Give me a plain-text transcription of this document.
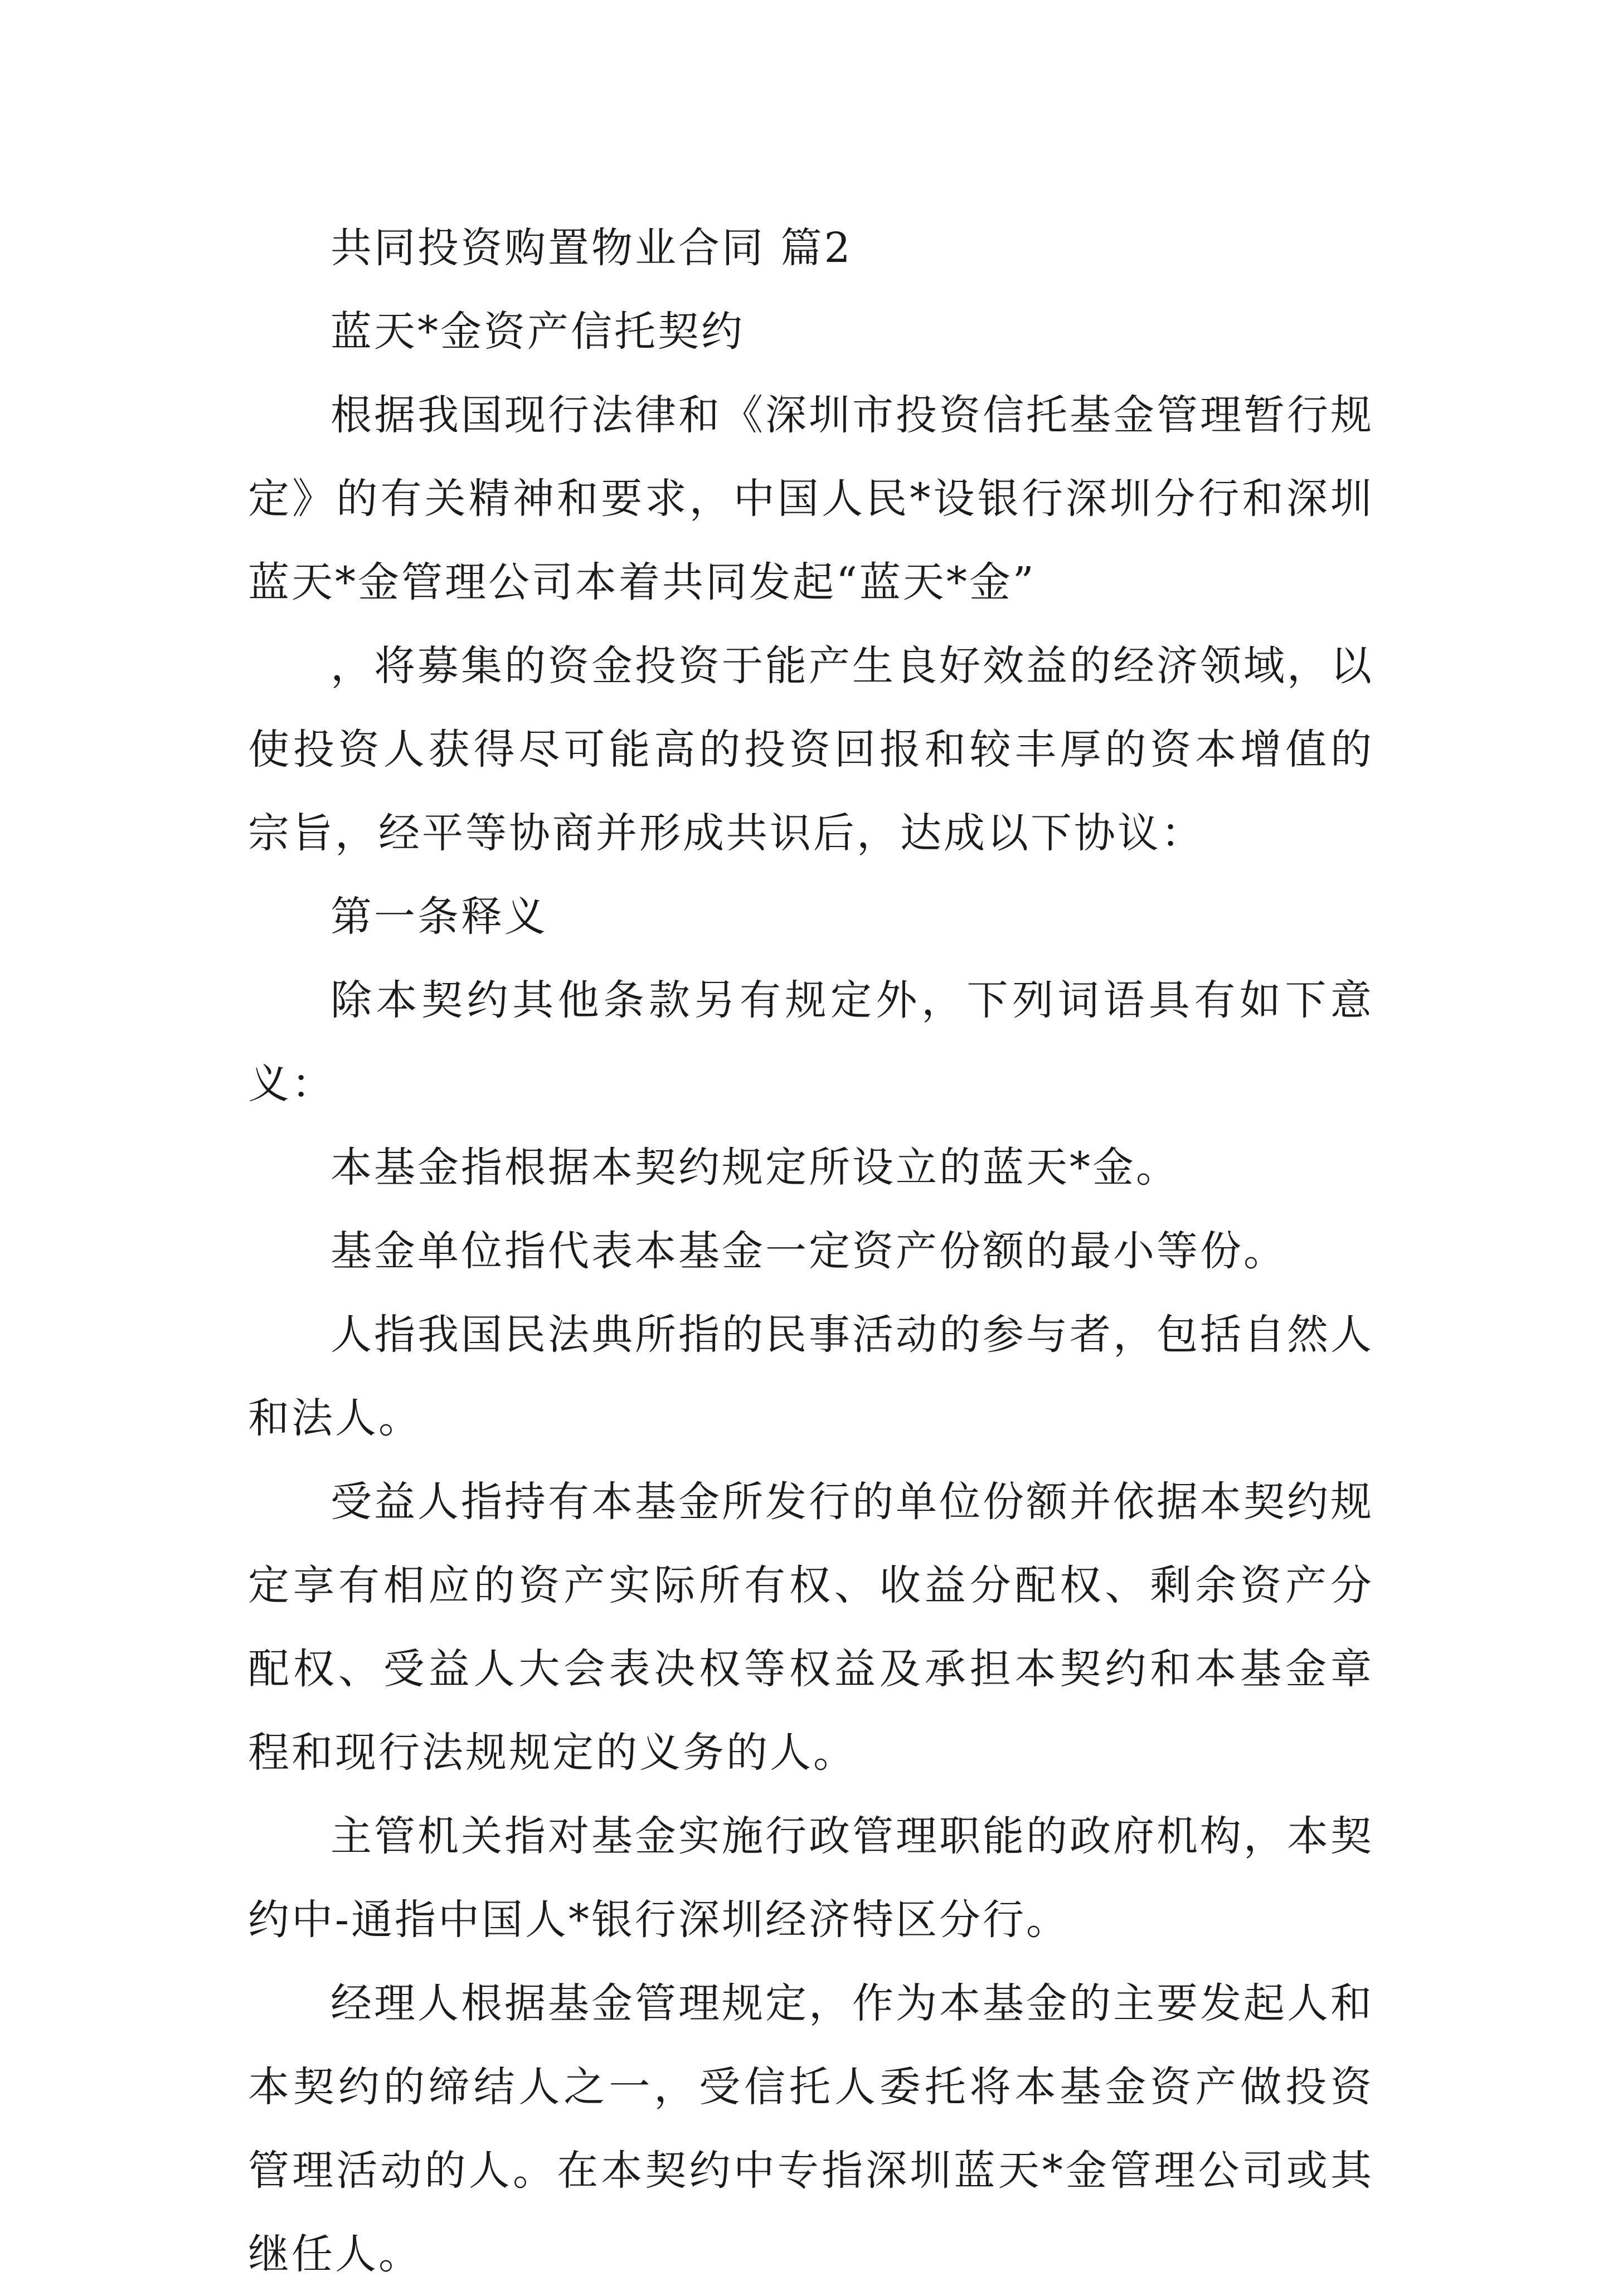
共同投资购置物业合同 篇2

蓝天*金资产信托契约

根据我国现行法律和《深圳市投资信托基金管理暂行规定》的有关精神和要求，中国人民*设银行深圳分行和深圳蓝天*金管理公司本着共同发起“蓝天*金”

，将募集的资金投资于能产生良好效益的经济领域，以使投资人获得尽可能高的投资回报和较丰厚的资本增值的宗旨，经平等协商并形成共识后，达成以下协议：

第一条释义

除本契约其他条款另有规定外，下列词语具有如下意义：

本基金指根据本契约规定所设立的蓝天*金。

基金单位指代表本基金一定资产份额的最小等份。

人指我国民法典所指的民事活动的参与者，包括自然人和法人。

受益人指持有本基金所发行的单位份额并依据本契约规定享有相应的资产实际所有权、收益分配权、剩余资产分配权、受益人大会表决权等权益及承担本契约和本基金章程和现行法规规定的义务的人。

主管机关指对基金实施行政管理职能的政府机构，本契约中-通指中国人*银行深圳经济特区分行。

经理人根据基金管理规定，作为本基金的主要发起人和本契约的缔结人之一，受信托人委托将本基金资产做投资管理活动的人。在本契约中专指深圳蓝天*金管理公司或其继任人。
